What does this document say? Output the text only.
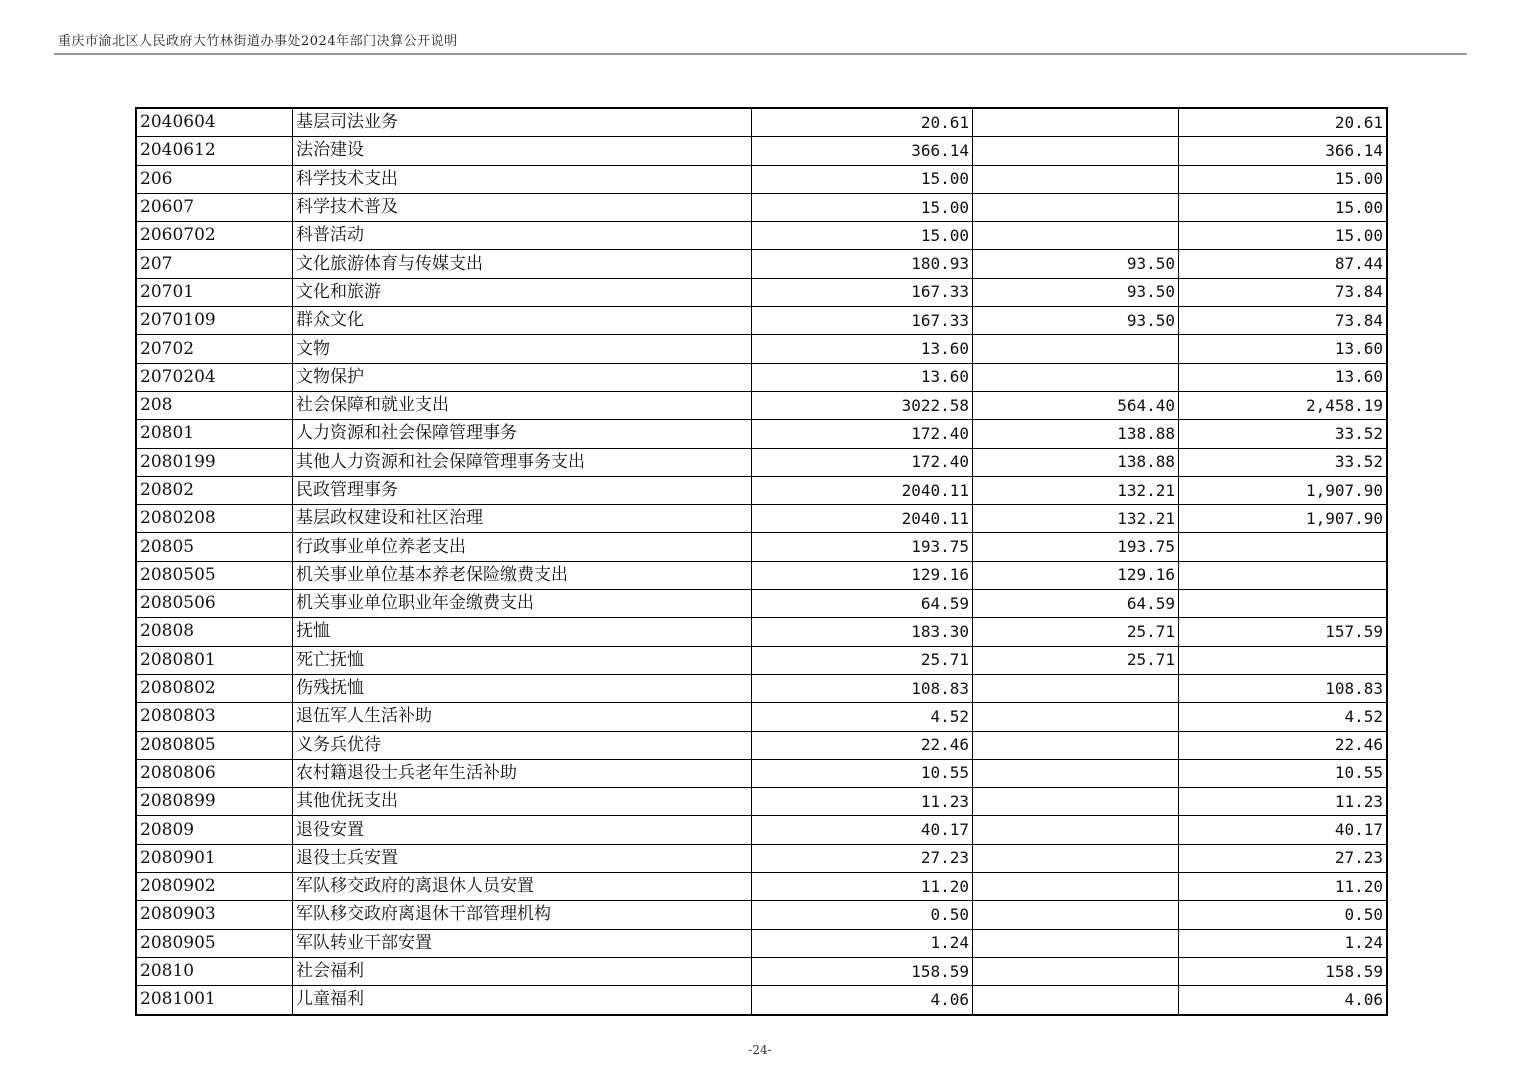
重庆市渝北区人民政府大竹林街道办事处2024年部门决算公开说明
2040604	基层司法业务	20.61		20.61
2040612	法治建设	366.14		366.14
206	科学技术支出	15.00		15.00
20607	科学技术普及	15.00		15.00
2060702	科普活动	15.00		15.00
207	文化旅游体育与传媒支出	180.93	93.50	87.44
20701	文化和旅游	167.33	93.50	73.84
2070109	群众文化	167.33	93.50	73.84
20702	文物	13.60		13.60
2070204	文物保护	13.60		13.60
208	社会保障和就业支出	3022.58	564.40	2,458.19
20801	人力资源和社会保障管理事务	172.40	138.88	33.52
2080199	其他人力资源和社会保障管理事务支出	172.40	138.88	33.52
20802	民政管理事务	2040.11	132.21	1,907.90
2080208	基层政权建设和社区治理	2040.11	132.21	1,907.90
20805	行政事业单位养老支出	193.75	193.75	
2080505	机关事业单位基本养老保险缴费支出	129.16	129.16	
2080506	机关事业单位职业年金缴费支出	64.59	64.59	
20808	抚恤	183.30	25.71	157.59
2080801	死亡抚恤	25.71	25.71	
2080802	伤残抚恤	108.83		108.83
2080803	退伍军人生活补助	4.52		4.52
2080805	义务兵优待	22.46		22.46
2080806	农村籍退役士兵老年生活补助	10.55		10.55
2080899	其他优抚支出	11.23		11.23
20809	退役安置	40.17		40.17
2080901	退役士兵安置	27.23		27.23
2080902	军队移交政府的离退休人员安置	11.20		11.20
2080903	军队移交政府离退休干部管理机构	0.50		0.50
2080905	军队转业干部安置	1.24		1.24
20810	社会福利	158.59		158.59
2081001	儿童福利	4.06		4.06
-24-
